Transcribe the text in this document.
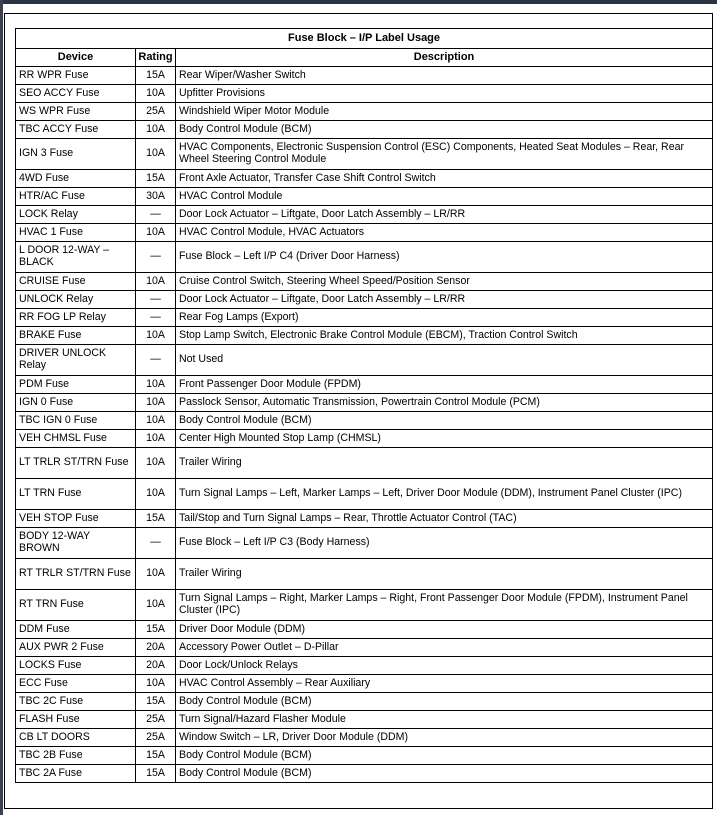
Fuse Block – I/P Label Usage		
Device	Rating	Description
RR WPR Fuse	15A	Rear Wiper/Washer Switch
SEO ACCY Fuse	10A	Upfitter Provisions
WS WPR Fuse	25A	Windshield Wiper Motor Module
TBC ACCY Fuse	10A	Body Control Module (BCM)
IGN 3 Fuse	10A	HVAC Components, Electronic Suspension Control (ESC) Components, Heated Seat Modules – Rear, Rear Wheel Steering Control Module
4WD Fuse	15A	Front Axle Actuator, Transfer Case Shift Control Switch
HTR/AC Fuse	30A	HVAC Control Module
LOCK Relay	—	Door Lock Actuator – Liftgate, Door Latch Assembly – LR/RR
HVAC 1 Fuse	10A	HVAC Control Module, HVAC Actuators
L DOOR 12-WAY – BLACK	—	Fuse Block – Left I/P C4 (Driver Door Harness)
CRUISE Fuse	10A	Cruise Control Switch, Steering Wheel Speed/Position Sensor
UNLOCK Relay	—	Door Lock Actuator – Liftgate, Door Latch Assembly – LR/RR
RR FOG LP Relay	—	Rear Fog Lamps (Export)
BRAKE Fuse	10A	Stop Lamp Switch, Electronic Brake Control Module (EBCM), Traction Control Switch
DRIVER UNLOCK Relay	—	Not Used
PDM Fuse	10A	Front Passenger Door Module (FPDM)
IGN 0 Fuse	10A	Passlock Sensor, Automatic Transmission, Powertrain Control Module (PCM)
TBC IGN 0 Fuse	10A	Body Control Module (BCM)
VEH CHMSL Fuse	10A	Center High Mounted Stop Lamp (CHMSL)
LT TRLR ST/TRN Fuse	10A	Trailer Wiring
LT TRN Fuse	10A	Turn Signal Lamps – Left, Marker Lamps – Left, Driver Door Module (DDM), Instrument Panel Cluster (IPC)
VEH STOP Fuse	15A	Tail/Stop and Turn Signal Lamps – Rear, Throttle Actuator Control (TAC)
BODY 12-WAY BROWN	—	Fuse Block – Left I/P C3 (Body Harness)
RT TRLR ST/TRN Fuse	10A	Trailer Wiring
RT TRN Fuse	10A	Turn Signal Lamps – Right, Marker Lamps – Right, Front Passenger Door Module (FPDM), Instrument Panel Cluster (IPC)
DDM Fuse	15A	Driver Door Module (DDM)
AUX PWR 2 Fuse	20A	Accessory Power Outlet – D-Pillar
LOCKS Fuse	20A	Door Lock/Unlock Relays
ECC Fuse	10A	HVAC Control Assembly – Rear Auxiliary
TBC 2C Fuse	15A	Body Control Module (BCM)
FLASH Fuse	25A	Turn Signal/Hazard Flasher Module
CB LT DOORS	25A	Window Switch – LR, Driver Door Module (DDM)
TBC 2B Fuse	15A	Body Control Module (BCM)
TBC 2A Fuse	15A	Body Control Module (BCM)
